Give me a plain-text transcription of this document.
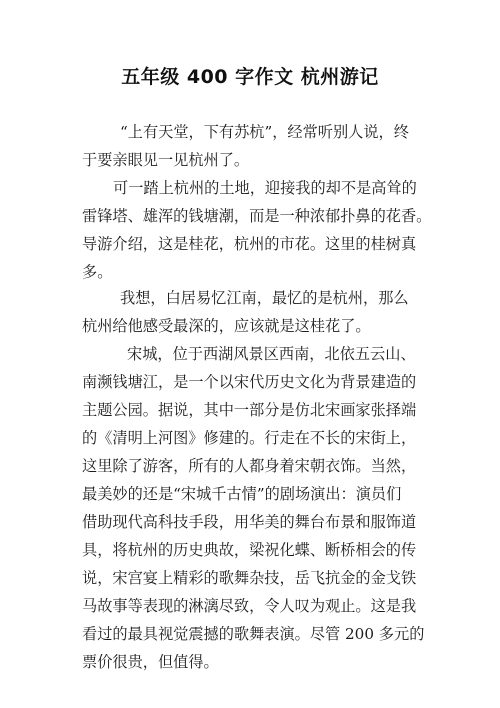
五年级 400 字作文 杭州游记
“上有天堂，下有苏杭”，经常听别人说，终
于要亲眼见一见杭州了。
可一踏上杭州的土地，迎接我的却不是高耸的
雷锋塔、雄浑的钱塘潮，而是一种浓郁扑鼻的花香。
导游介绍，这是桂花，杭州的市花。这里的桂树真
多。
我想，白居易忆江南，最忆的是杭州，那么
杭州给他感受最深的，应该就是这桂花了。
宋城，位于西湖风景区西南，北依五云山、
南濒钱塘江，是一个以宋代历史文化为背景建造的
主题公园。据说，其中一部分是仿北宋画家张择端
的《清明上河图》修建的。行走在不长的宋街上，
这里除了游客，所有的人都身着宋朝衣饰。当然，
最美妙的还是“宋城千古情”的剧场演出：演员们
借助现代高科技手段，用华美的舞台布景和服饰道
具，将杭州的历史典故，梁祝化蝶、断桥相会的传
说，宋宫宴上精彩的歌舞杂技，岳飞抗金的金戈铁
马故事等表现的淋漓尽致，令人叹为观止。这是我
看过的最具视觉震撼的歌舞表演。尽管 200 多元的
票价很贵，但值得。
